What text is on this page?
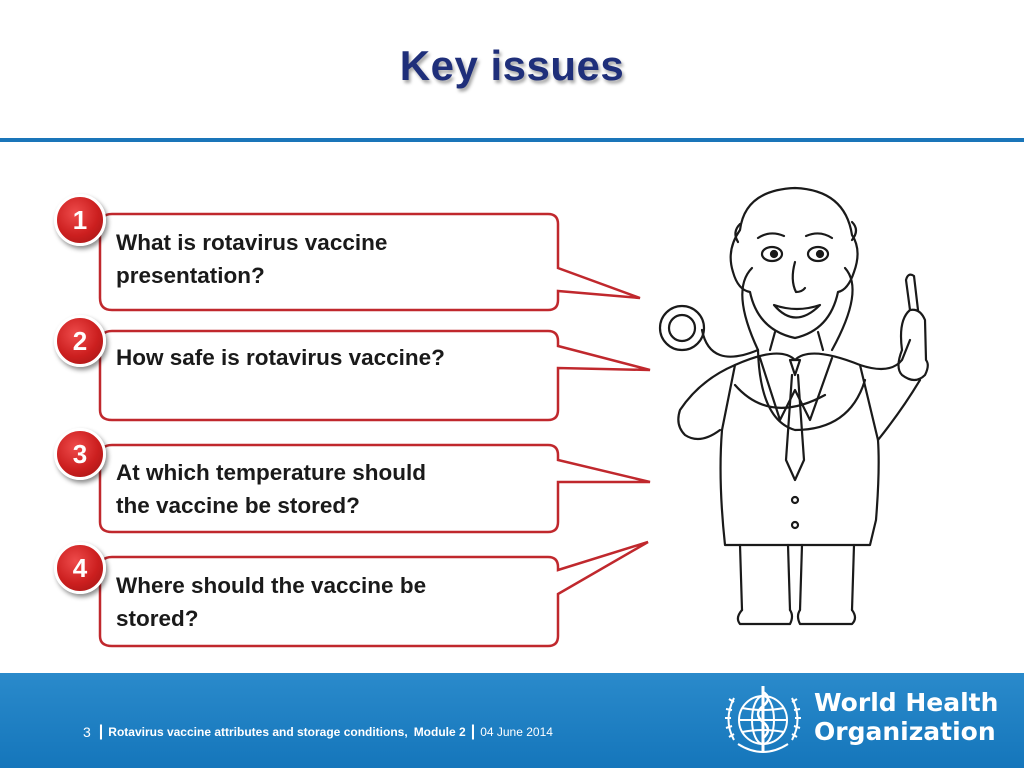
Key issues
What is rotavirus vaccine
presentation?
How safe is rotavirus vaccine?
At which temperature should
the vaccine be stored?
Where should the vaccine be
stored?
1
2
3
4
3 | Rotavirus vaccine attributes and storage conditions, Module 2 | 04 June 2014
World Health
Organization
